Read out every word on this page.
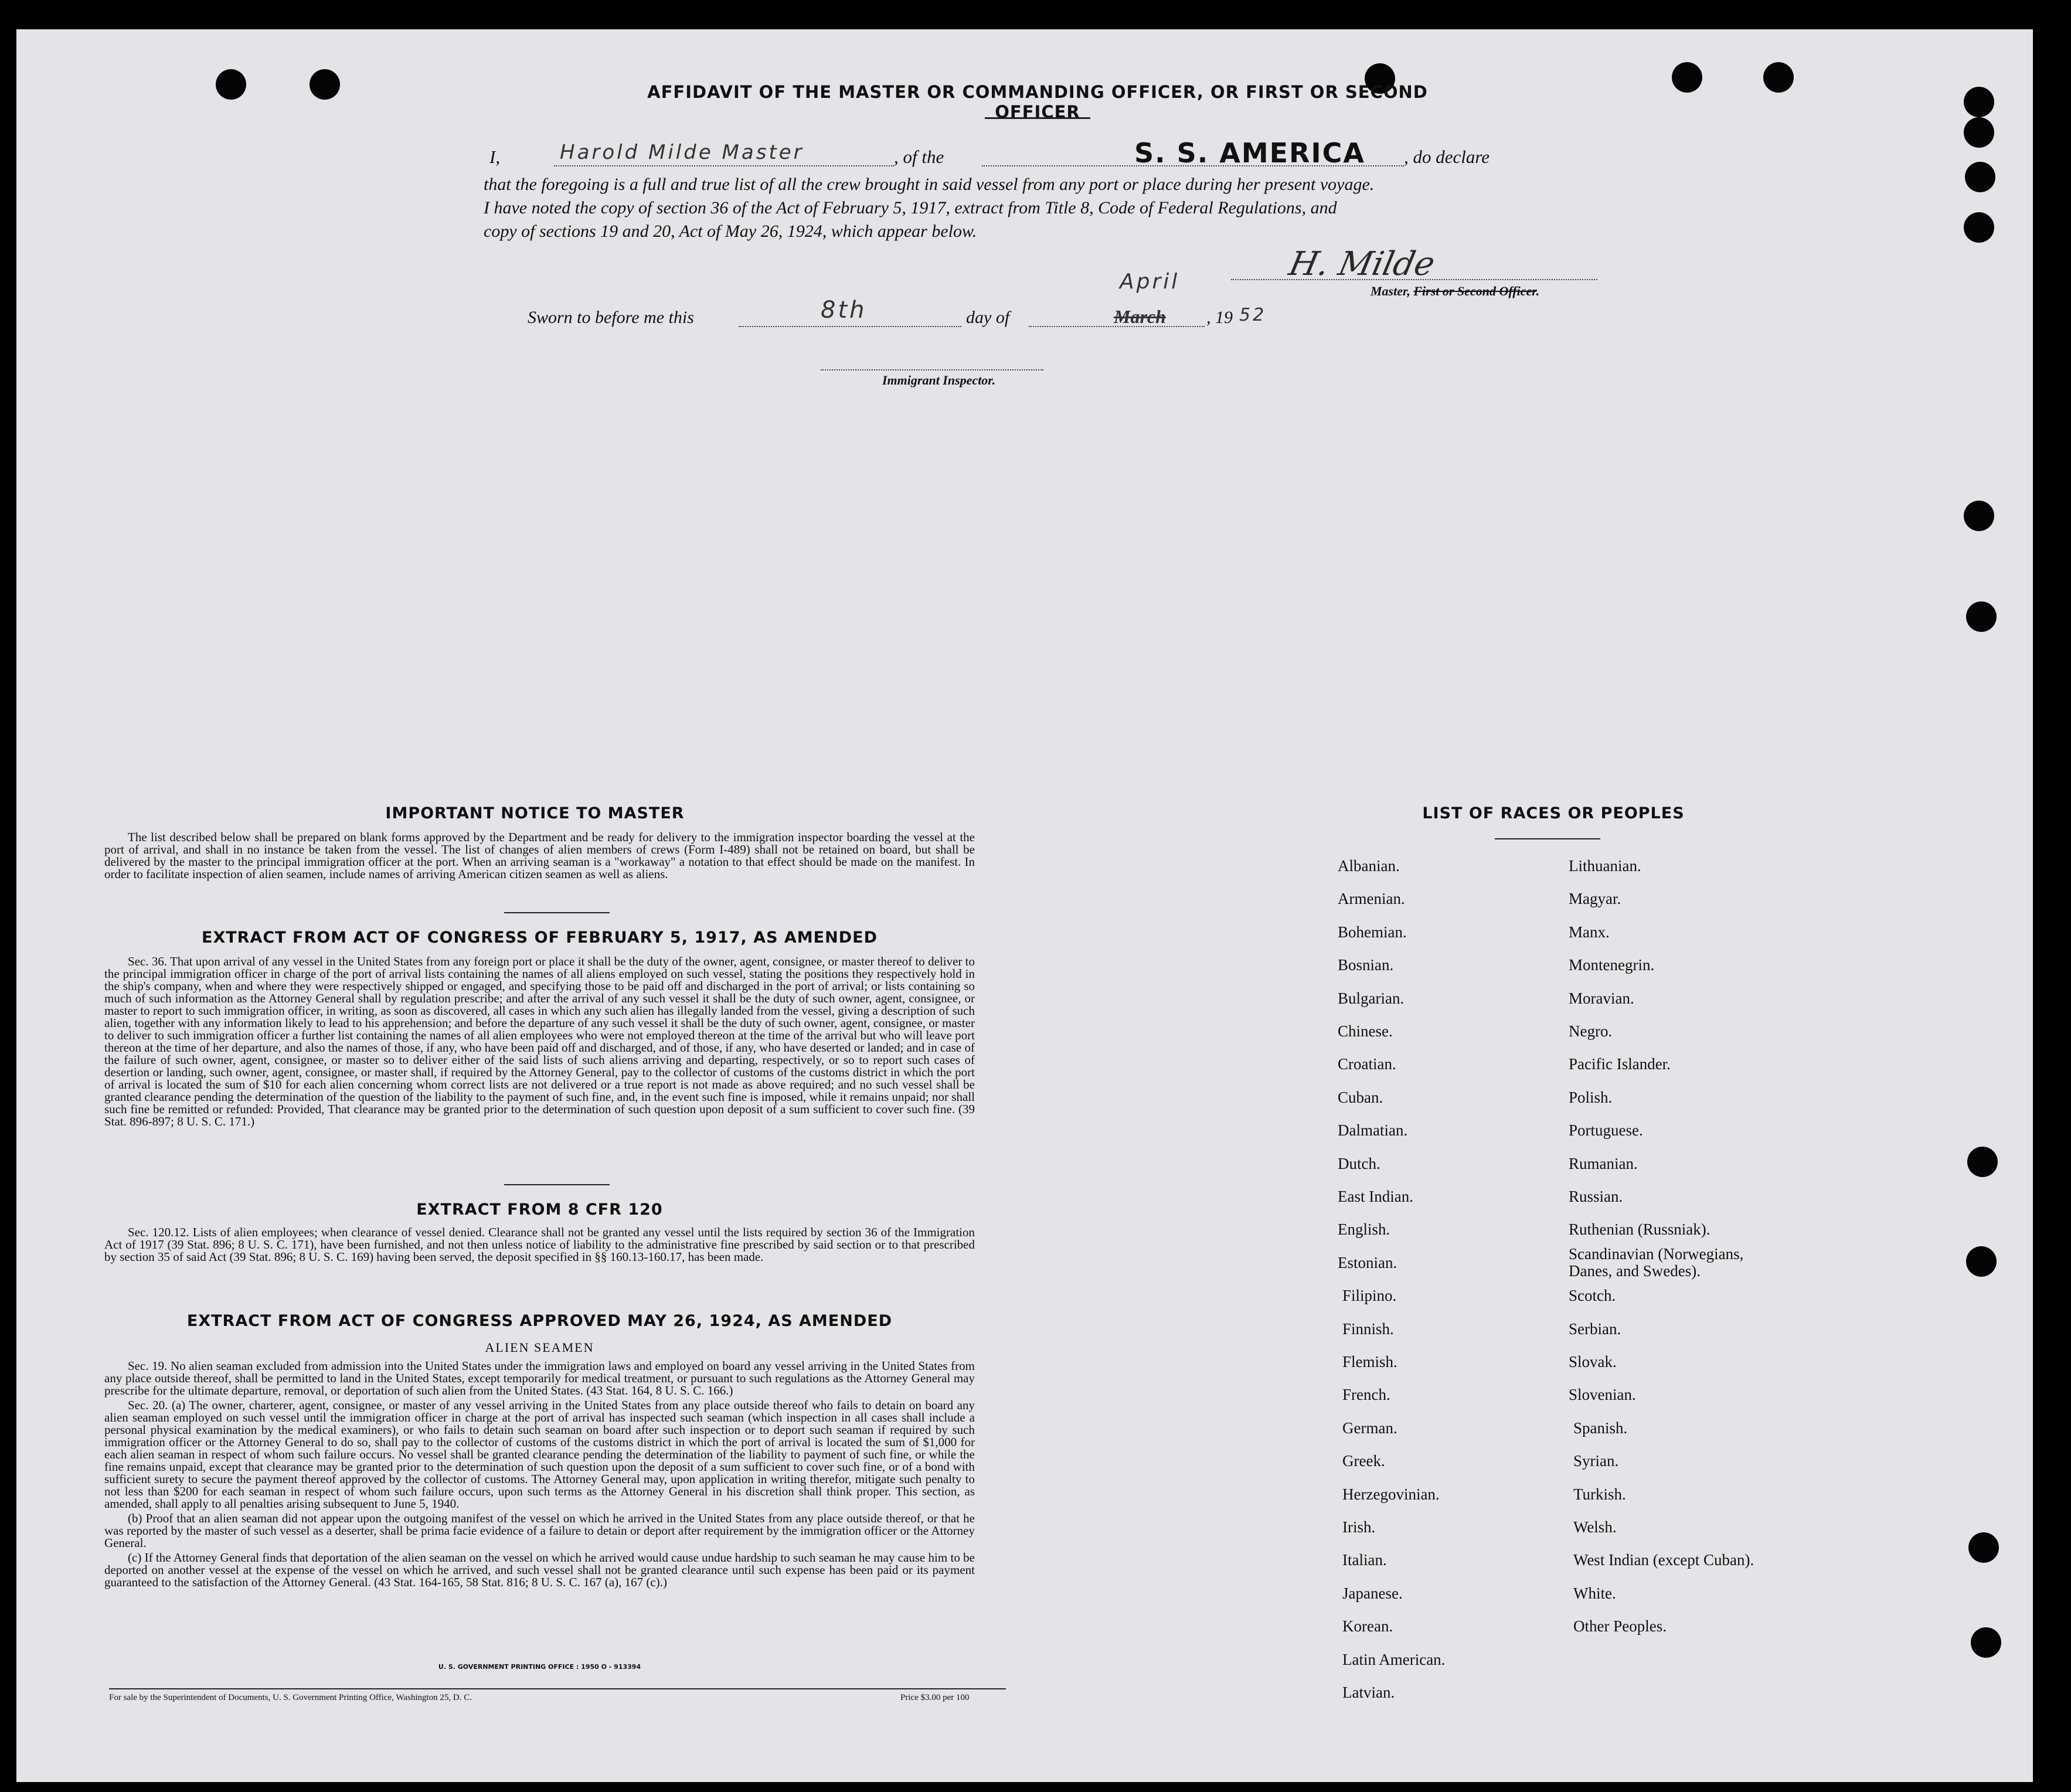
AFFIDAVIT OF THE MASTER OR COMMANDING OFFICER, OR FIRST OR SECOND OFFICER
I,	Harold Milde Master	, of the	S. S. AMERICA , do declare
that the foregoing is a full and true list of all the crew brought in said vessel from any port or place during her present voyage.
I have noted the copy of section 36 of the Act of February 5, 1917, extract from Title 8, Code of Federal Regulations, and
copy of sections 19 and 20, Act of May 26, 1924, which appear below.
H. Milde
Master, First or Second Officer.
Sworn to before me this	8th	day of
April
March , 19 52
Immigrant Inspector.
IMPORTANT NOTICE TO MASTER

The list described below shall be prepared on blank forms approved by the Department and be ready for delivery to the immigration inspector boarding the vessel at the port of arrival, and shall in no instance be taken from the vessel. The list of changes of alien members of crews (Form I-489) shall not be retained on board, but shall be delivered by the master to the principal immigration officer at the port. When an arriving seaman is a "workaway" a notation to that effect should be made on the manifest. In order to facilitate inspection of alien seamen, include names of arriving American citizen seamen as well as aliens.

EXTRACT FROM ACT OF CONGRESS OF FEBRUARY 5, 1917, AS AMENDED

Sec. 36. That upon arrival of any vessel in the United States from any foreign port or place it shall be the duty of the owner, agent, consignee, or master thereof to deliver to the principal immigration officer in charge of the port of arrival lists containing the names of all aliens employed on such vessel, stating the positions they respectively hold in the ship's company, when and where they were respectively shipped or engaged, and specifying those to be paid off and discharged in the port of arrival; or lists containing so much of such information as the Attorney General shall by regulation prescribe; and after the arrival of any such vessel it shall be the duty of such owner, agent, consignee, or master to report to such immigration officer, in writing, as soon as discovered, all cases in which any such alien has illegally landed from the vessel, giving a description of such alien, together with any information likely to lead to his apprehension; and before the departure of any such vessel it shall be the duty of such owner, agent, consignee, or master to deliver to such immigration officer a further list containing the names of all alien employees who were not employed thereon at the time of the arrival but who will leave port thereon at the time of her departure, and also the names of those, if any, who have been paid off and discharged, and of those, if any, who have deserted or landed; and in case of the failure of such owner, agent, consignee, or master so to deliver either of the said lists of such aliens arriving and departing, respectively, or so to report such cases of desertion or landing, such owner, agent, consignee, or master shall, if required by the Attorney General, pay to the collector of customs of the customs district in which the port of arrival is located the sum of $10 for each alien concerning whom correct lists are not delivered or a true report is not made as above required; and no such vessel shall be granted clearance pending the determination of the question of the liability to the payment of such fine, and, in the event such fine is imposed, while it remains unpaid; nor shall such fine be remitted or refunded: Provided, That clearance may be granted prior to the determination of such question upon deposit of a sum sufficient to cover such fine. (39 Stat. 896-897; 8 U. S. C. 171.)

EXTRACT FROM 8 CFR 120

Sec. 120.12. Lists of alien employees; when clearance of vessel denied. Clearance shall not be granted any vessel until the lists required by section 36 of the Immigration Act of 1917 (39 Stat. 896; 8 U. S. C. 171), have been furnished, and not then unless notice of liability to the administrative fine prescribed by said section or to that prescribed by section 35 of said Act (39 Stat. 896; 8 U. S. C. 169) having been served, the deposit specified in §§ 160.13-160.17, has been made.

EXTRACT FROM ACT OF CONGRESS APPROVED MAY 26, 1924, AS AMENDED
ALIEN SEAMEN

Sec. 19. No alien seaman excluded from admission into the United States under the immigration laws and employed on board any vessel arriving in the United States from any place outside thereof, shall be permitted to land in the United States, except temporarily for medical treatment, or pursuant to such regulations as the Attorney General may prescribe for the ultimate departure, removal, or deportation of such alien from the United States. (43 Stat. 164, 8 U. S. C. 166.)

Sec. 20. (a) The owner, charterer, agent, consignee, or master of any vessel arriving in the United States from any place outside thereof who fails to detain on board any alien seaman employed on such vessel until the immigration officer in charge at the port of arrival has inspected such seaman (which inspection in all cases shall include a personal physical examination by the medical examiners), or who fails to detain such seaman on board after such inspection or to deport such seaman if required by such immigration officer or the Attorney General to do so, shall pay to the collector of customs of the customs district in which the port of arrival is located the sum of $1,000 for each alien seaman in respect of whom such failure occurs. No vessel shall be granted clearance pending the determination of the liability to payment of such fine, or while the fine remains unpaid, except that clearance may be granted prior to the determination of such question upon the deposit of a sum sufficient to cover such fine, or of a bond with sufficient surety to secure the payment thereof approved by the collector of customs. The Attorney General may, upon application in writing therefor, mitigate such penalty to not less than $200 for each seaman in respect of whom such failure occurs, upon such terms as the Attorney General in his discretion shall think proper. This section, as amended, shall apply to all penalties arising subsequent to June 5, 1940.

(b) Proof that an alien seaman did not appear upon the outgoing manifest of the vessel on which he arrived in the United States from any place outside thereof, or that he was reported by the master of such vessel as a deserter, shall be prima facie evidence of a failure to detain or deport after requirement by the immigration officer or the Attorney General.

(c) If the Attorney General finds that deportation of the alien seaman on the vessel on which he arrived would cause undue hardship to such seaman he may cause him to be deported on another vessel at the expense of the vessel on which he arrived, and such vessel shall not be granted clearance until such expense has been paid or its payment guaranteed to the satisfaction of the Attorney General. (43 Stat. 164-165, 58 Stat. 816; 8 U. S. C. 167 (a), 167 (c).)

U. S. GOVERNMENT PRINTING OFFICE : 1950 O - 913394
For sale by the Superintendent of Documents, U. S. Government Printing Office, Washington 25, D. C.	Price $3.00 per 100
LIST OF RACES OR PEOPLES
Albanian.
Armenian.
Bohemian.
Bosnian.
Bulgarian.
Chinese.
Croatian.
Cuban.
Dalmatian.
Dutch.
East Indian.
English.
Estonian.
Filipino.
Finnish.
Flemish.
French.
German.
Greek.
Herzegovinian.
Irish.
Italian.
Japanese.
Korean.
Latin American.
Latvian.
Lithuanian.
Magyar.
Manx.
Montenegrin.
Moravian.
Negro.
Pacific Islander.
Polish.
Portuguese.
Rumanian.
Russian.
Ruthenian (Russniak).
Scandinavian (Norwegians, Danes, and Swedes).
Scotch.
Serbian.
Slovak.
Slovenian.
Spanish.
Syrian.
Turkish.
Welsh.
West Indian (except Cuban).
White.
Other Peoples.
